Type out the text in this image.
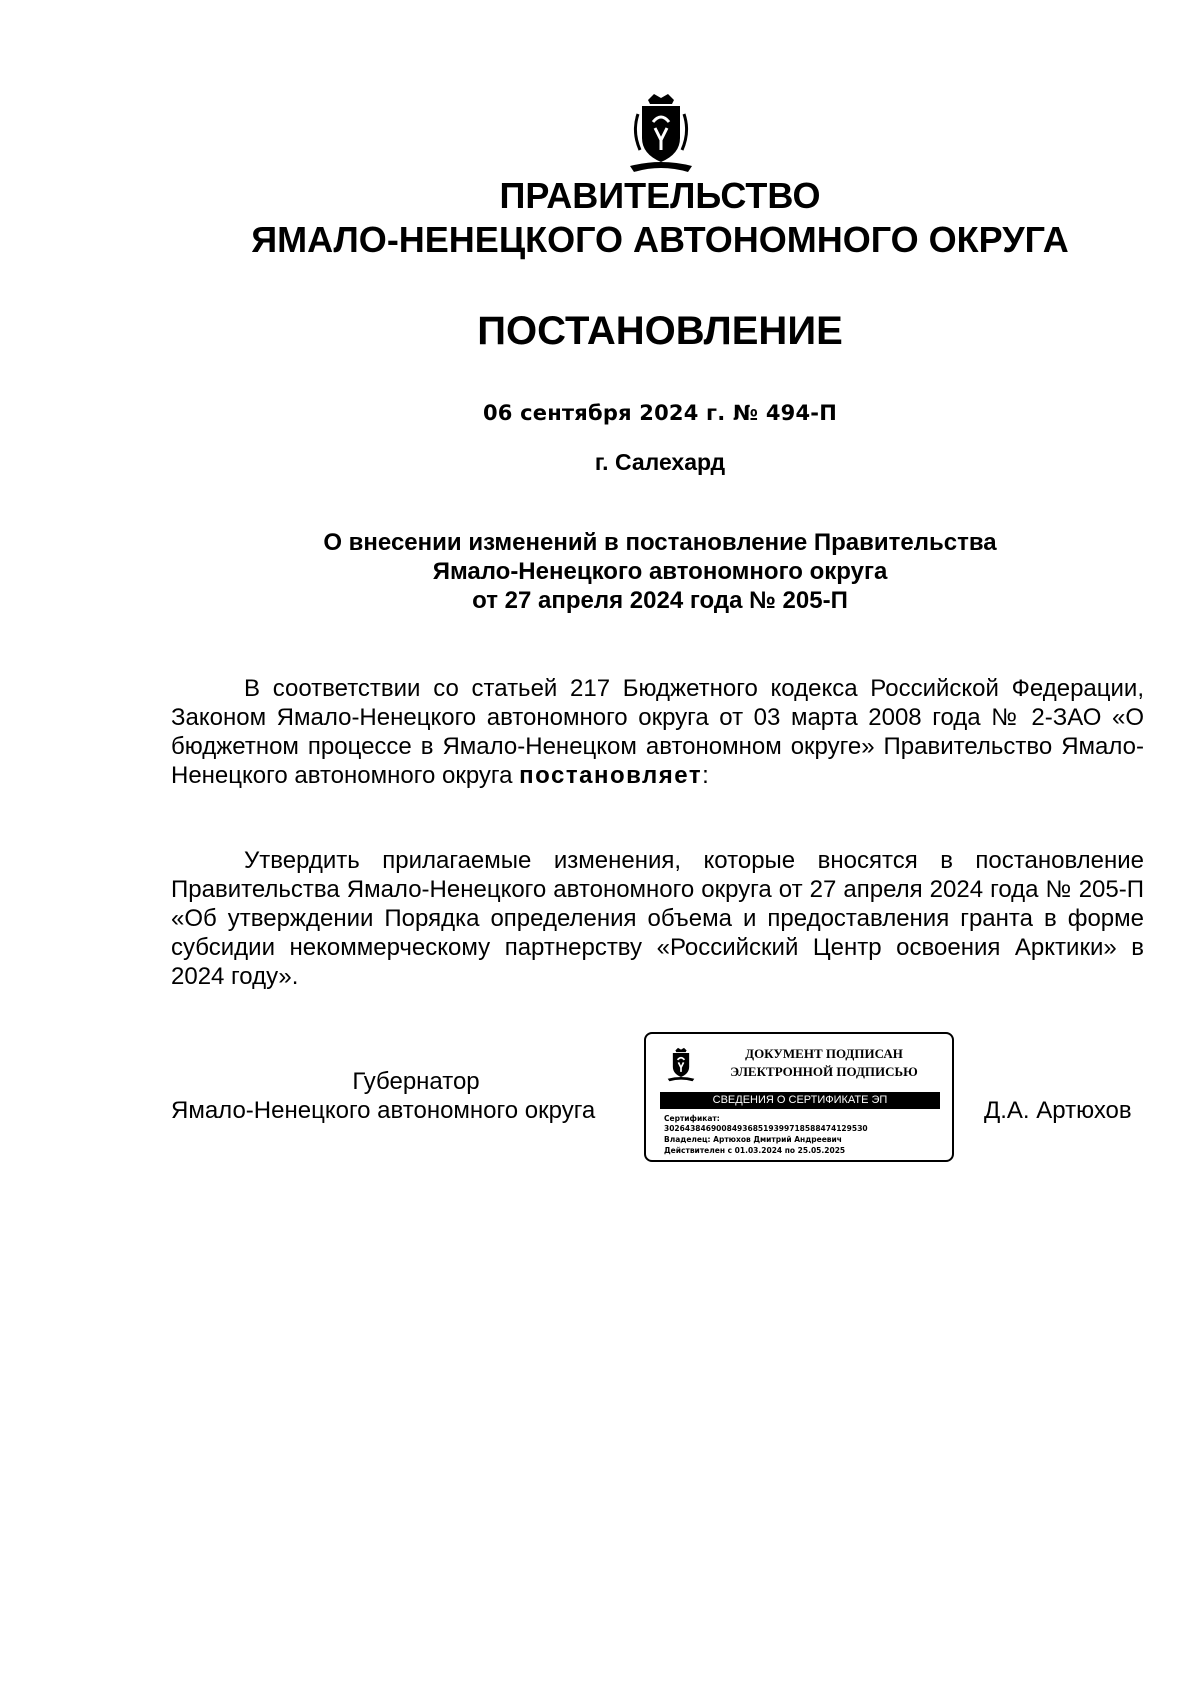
ПРАВИТЕЛЬСТВО
ЯМАЛО-НЕНЕЦКОГО АВТОНОМНОГО ОКРУГА
ПОСТАНОВЛЕНИЕ
06 сентября 2024 г. № 494-П
г. Салехард
О внесении изменений в постановление Правительства
Ямало-Ненецкого автономного округа
от 27 апреля 2024 года № 205-П
В соответствии со статьей 217 Бюджетного кодекса Российской Федерации, Законом Ямало-Ненецкого автономного округа от 03 марта 2008 года № 2-ЗАО «О бюджетном процессе в Ямало-Ненецком автономном округе» Правительство Ямало-Ненецкого автономного округа постановляет:
Утвердить прилагаемые изменения, которые вносятся в постановление Правительства Ямало-Ненецкого автономного округа от 27 апреля 2024 года № 205-П «Об утверждении Порядка определения объема и предоставления гранта в форме субсидии некоммерческому партнерству «Российский Центр освоения Арктики» в 2024 году».
Губернатор
Ямало-Ненецкого автономного округа	Д.А. Артюхов
ДОКУМЕНТ ПОДПИСАН
ЭЛЕКТРОННОЙ ПОДПИСЬЮ
СВЕДЕНИЯ О СЕРТИФИКАТЕ ЭП
Сертификат:
3026438469008493685193997185884741295З0
Владелец: Артюхов Дмитрий Андреевич
Действителен с 01.03.2024 по 25.05.2025
